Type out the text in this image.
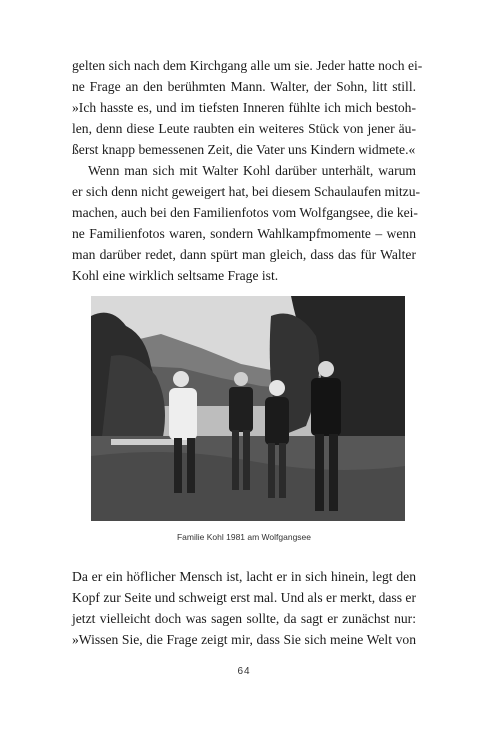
gelten sich nach dem Kirchgang alle um sie. Jeder hatte noch ei-
ne Frage an den berühmten Mann. Walter, der Sohn, litt still.
»Ich hasste es, und im tiefsten Inneren fühlte ich mich bestoh-
len, denn diese Leute raubten ein weiteres Stück von jener äu-
ßerst knapp bemessenen Zeit, die Vater uns Kindern widmete.«
Wenn man sich mit Walter Kohl darüber unterhält, warum
er sich denn nicht geweigert hat, bei diesem Schaulaufen mitzu-
machen, auch bei den Familienfotos vom Wolfgangsee, die kei-
ne Familienfotos waren, sondern Wahlkampfmomente – wenn
man darüber redet, dann spürt man gleich, dass das für Walter
Kohl eine wirklich seltsame Frage ist.
Familie Kohl 1981 am Wolfgangsee
Da er ein höflicher Mensch ist, lacht er in sich hinein, legt den
Kopf zur Seite und schweigt erst mal. Und als er merkt, dass er
jetzt vielleicht doch was sagen sollte, da sagt er zunächst nur:
»Wissen Sie, die Frage zeigt mir, dass Sie sich meine Welt von
64
